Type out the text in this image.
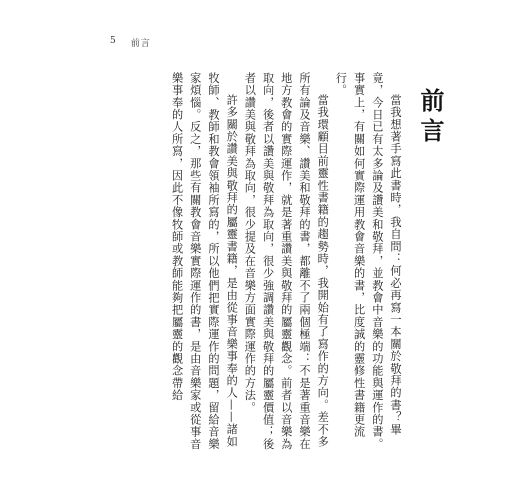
5 前言
前言

當我想著手寫此書時，我自問：何必再寫一本關於敬拜的書？畢竟，今日已有太多論及讚美和敬拜，並教會中音樂的功能與運作的書。事實上，有關如何實際運用教會音樂的書，比度誠的靈修性書籍更流行。

當我環顧目前靈性書籍的趨勢時，我開始有了寫作的方向。差不多所有論及音樂、讚美和敬拜的書，都離不了兩個極端：不是著重音樂在地方教會的實際運作，就是著重讚美與敬拜的屬靈觀念。前者以音樂為取向，後者以讚美與敬拜為取向，很少強調讚美與敬拜的屬靈價值；後者以讚美與敬拜為取向，很少提及在音樂方面實際運作的方法。

許多關於讚美與敬拜的屬靈書籍，是由從事音樂事奉的人——諸如牧師、教師和教會領袖所寫的，所以他們把實際運作的問題，留給音樂家煩惱。反之，那些有關教會音樂實際運作的書，是由音樂家或從事音樂事奉的人所寫，因此不像牧師或教師能夠把屬靈的觀念帶給
